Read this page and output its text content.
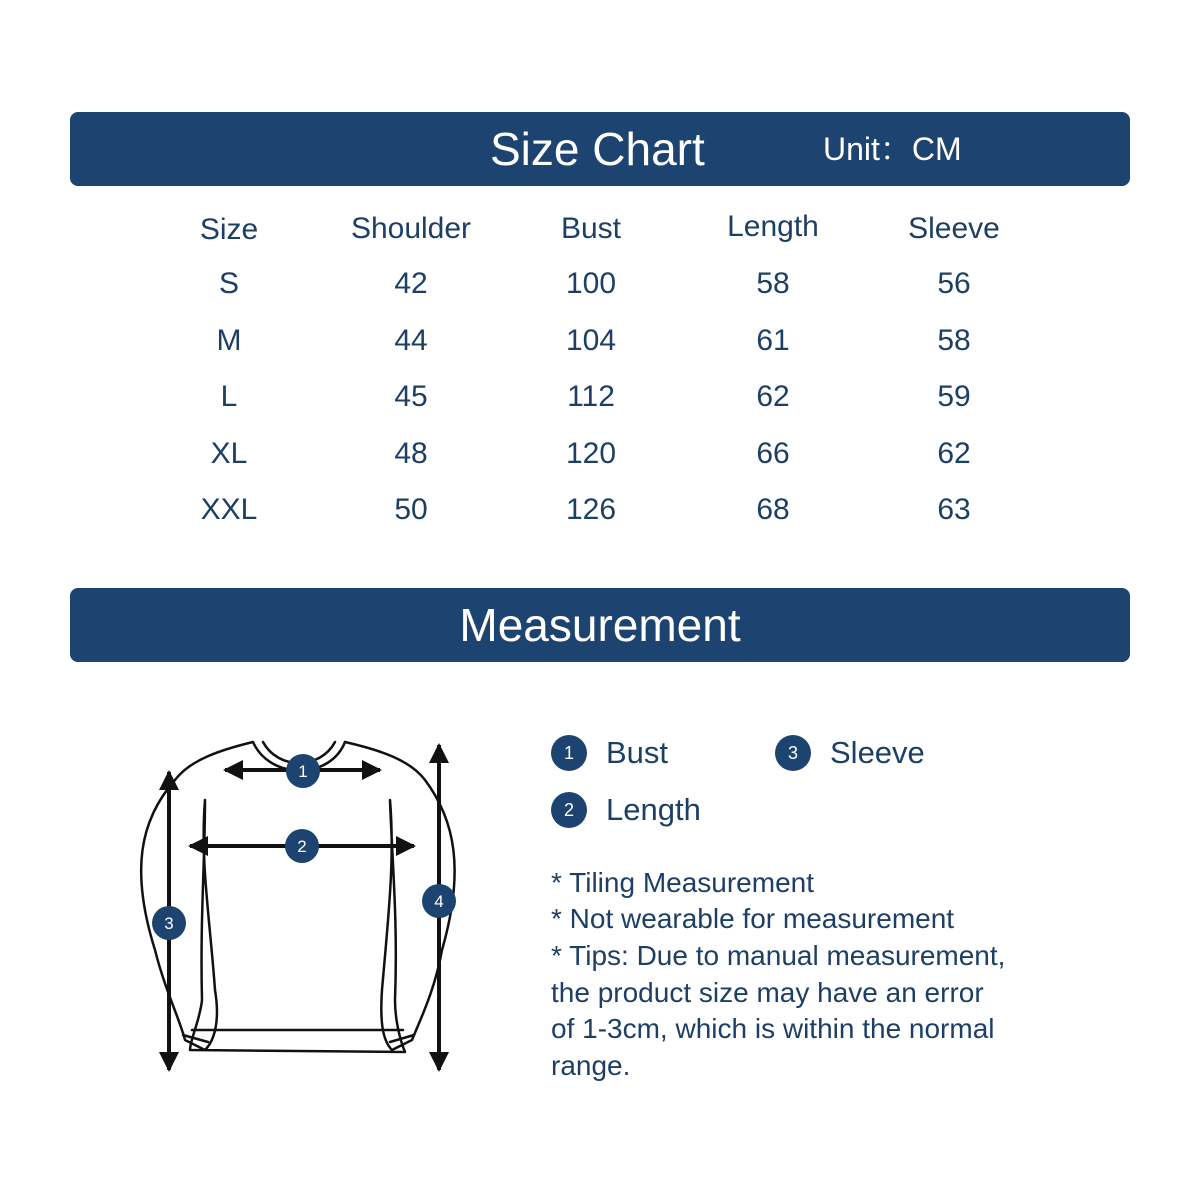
Size Chart	Unit：CM
Size	Shoulder	Bust	Length	Sleeve
S	42	100	58	56
M	44	104	61	58
L	45	112	62	59
XL	48	120	66	62
XXL	50	126	68	63
Measurement
1
2
3
4
1	Bust	3	Sleeve
2	Length
* Tiling Measurement
* Not wearable for measurement
* Tips: Due to manual measurement,
the product size may have an error
of 1-3cm, which is within the normal
range.
